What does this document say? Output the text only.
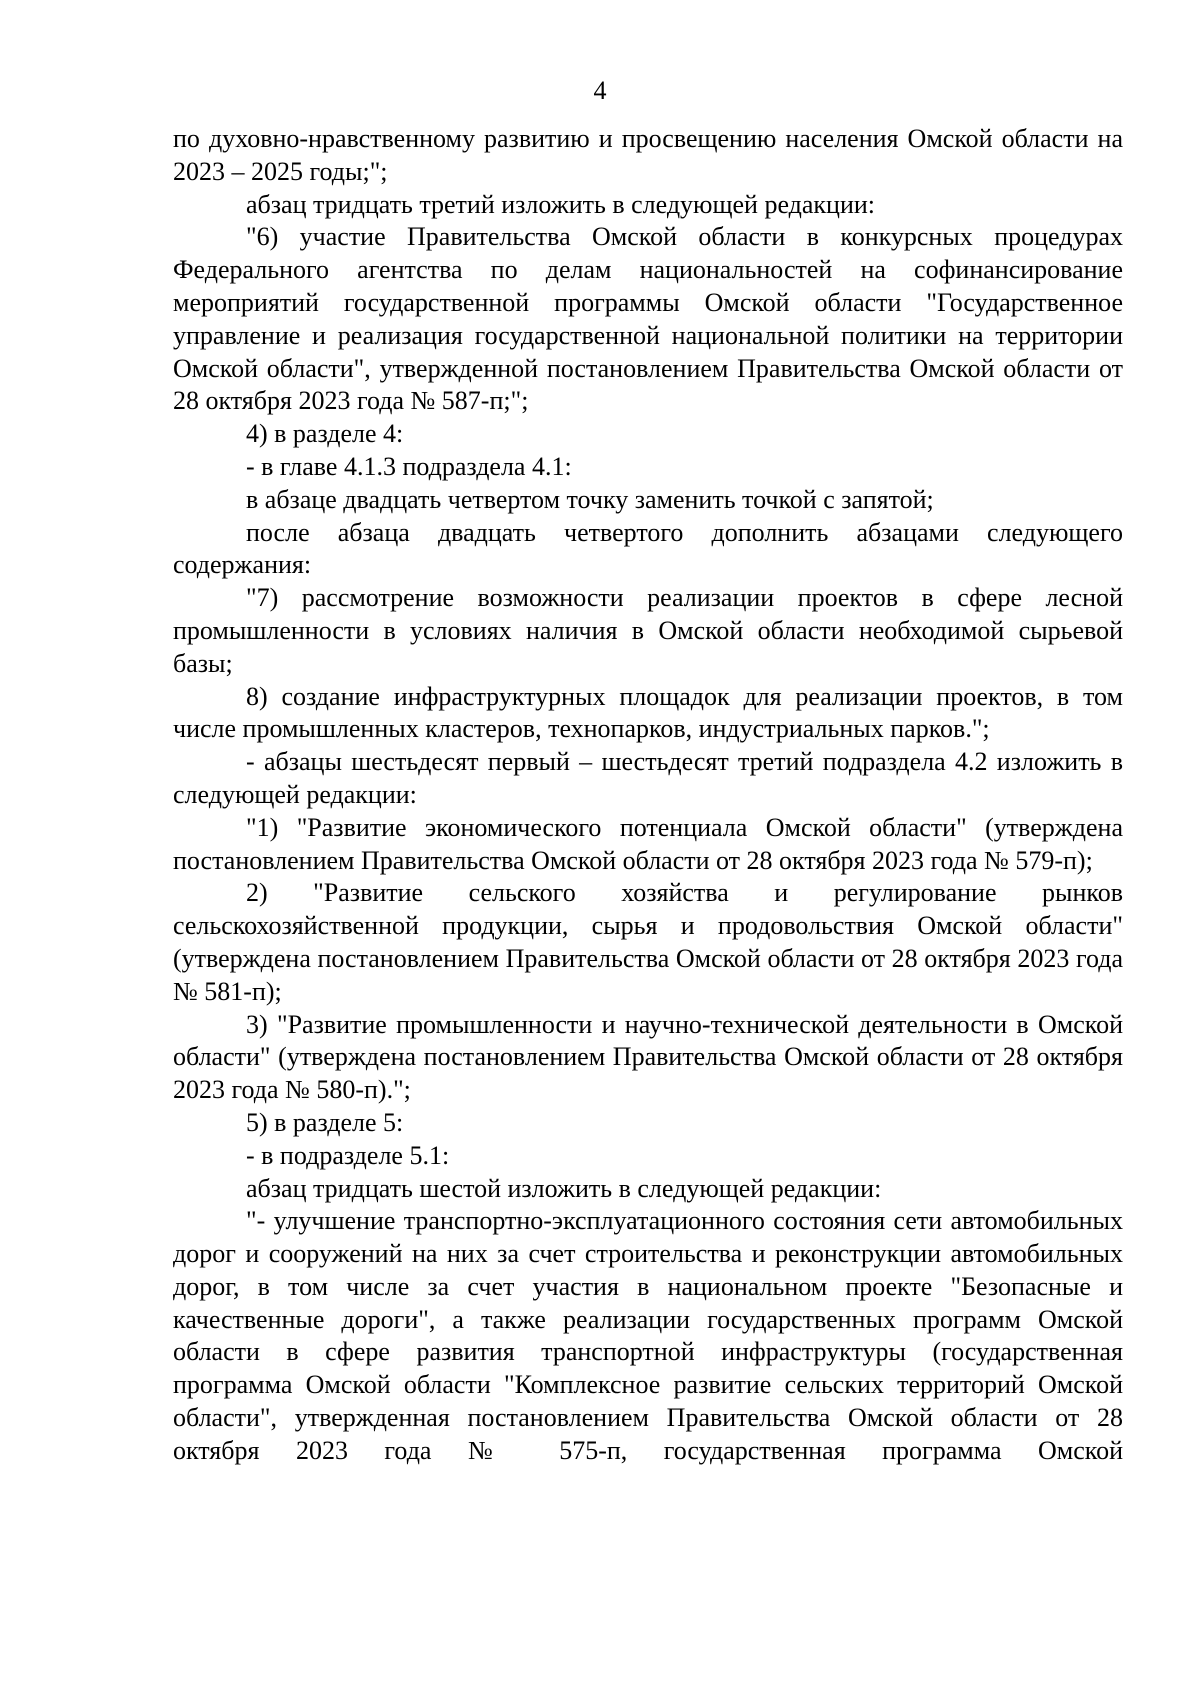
4

по духовно-нравственному развитию и просвещению населения Омской области на 2023 – 2025 годы;";

абзац тридцать третий изложить в следующей редакции:

"6) участие Правительства Омской области в конкурсных процедурах Федерального агентства по делам национальностей на софинансирование мероприятий государственной программы Омской области "Государственное управление и реализация государственной национальной политики на территории Омской области", утвержденной постановлением Правительства Омской области от 28 октября 2023 года № 587-п;";

4) в разделе 4:

- в главе 4.1.3 подраздела 4.1:

в абзаце двадцать четвертом точку заменить точкой с запятой;

после абзаца двадцать четвертого дополнить абзацами следующего содержания:

"7) рассмотрение возможности реализации проектов в сфере лесной промышленности в условиях наличия в Омской области необходимой сырьевой базы;

8) создание инфраструктурных площадок для реализации проектов, в том числе промышленных кластеров, технопарков, индустриальных парков.";

- абзацы шестьдесят первый – шестьдесят третий подраздела 4.2 изложить в следующей редакции:

"1) "Развитие экономического потенциала Омской области" (утверждена постановлением Правительства Омской области от 28 октября 2023 года № 579-п);

2) "Развитие сельского хозяйства и регулирование рынков сельскохозяйственной продукции, сырья и продовольствия Омской области" (утверждена постановлением Правительства Омской области от 28 октября 2023 года № 581-п);

3) "Развитие промышленности и научно-технической деятельности в Омской области" (утверждена постановлением Правительства Омской области от 28 октября 2023 года № 580-п).";

5) в разделе 5:

- в подразделе 5.1:

абзац тридцать шестой изложить в следующей редакции:

"- улучшение транспортно-эксплуатационного состояния сети автомобильных дорог и сооружений на них за счет строительства и реконструкции автомобильных дорог, в том числе за счет участия в национальном проекте "Безопасные и качественные дороги", а также реализации государственных программ Омской области в сфере развития транспортной инфраструктуры (государственная программа Омской области "Комплексное развитие сельских территорий Омской области", утвержденная постановлением Правительства Омской области от 28 октября 2023 года № 575-п, государственная программа Омской
